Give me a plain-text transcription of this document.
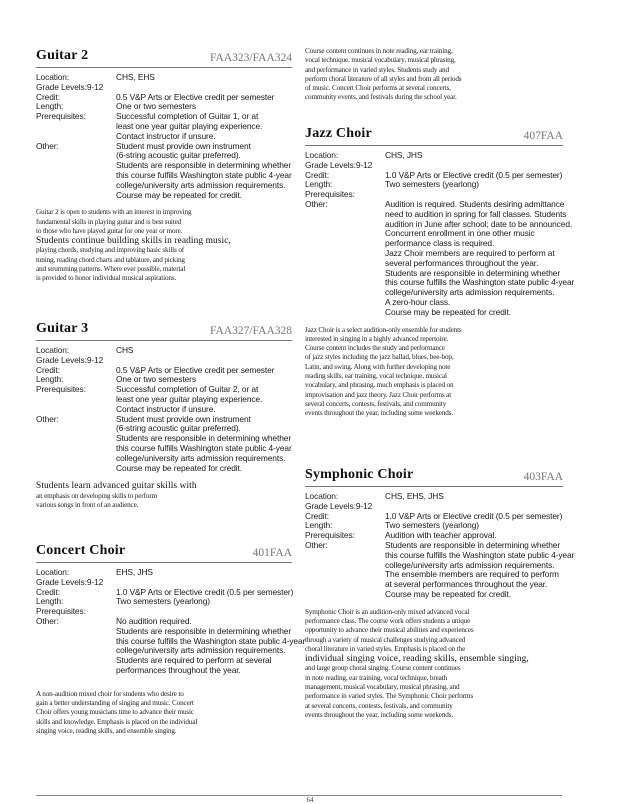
Guitar 2	FAA323/FAA324
Location:	CHS, EHS
Grade Levels:9-12
Credit:	0.5 V&P Arts or Elective credit per semester
Length:	One or two semesters
Prerequisites:	Successful completion of Guitar 1, or at
least one year guitar playing experience.
Contact instructor if unsure.
Other:	Student must provide own instrument
(6-string acoustic guitar preferred).
Students are responsible in determining whether
this course fulfills Washington state public 4-year
college/university arts admission requirements.
Course may be repeated for credit.
Guitar 2 is open to students with an interest in improving
fundamental skills in playing guitar and is best suited
to those who have played guitar for one year or more.
Students continue building skills in reading music,
playing chords, studying and improving basic skills of
tuning, reading chord charts and tablature, and picking
and strumming patterns. Where ever possible, material
is provided to honor individual musical aspirations.
Guitar 3	FAA327/FAA328
Location:	CHS
Grade Levels:9-12
Credit:	0.5 V&P Arts or Elective credit per semester
Length:	One or two semesters
Prerequisites:	Successful completion of Guitar 2, or at
least one year guitar playing experience.
Contact instructor if unsure.
Other:	Student must provide own instrument
(6-string acoustic guitar preferred).
Students are responsible in determining whether
this course fulfills Washington state public 4-year
college/university arts admission requirements.
Course may be repeated for credit.
Students learn advanced guitar skills with
an emphasis on developing skills to perform
various songs in front of an audience.
Concert Choir	401FAA
Location:	EHS, JHS
Grade Levels:9-12
Credit:	1.0 V&P Arts or Elective credit (0.5 per semester)
Length:	Two semesters (yearlong)
Prerequisites:
Other:	No audition required.
Students are responsible in determining whether
this course fulfills the Washington state public 4-year
college/university arts admission requirements.
Students are required to perform at several
performances throughout the year.
A non-audition mixed choir for students who desire to
gain a better understanding of singing and music. Concert
Choir offers young musicians time to advance their music
skills and knowledge. Emphasis is placed on the individual
singing voice, reading skills, and ensemble singing.
Course content continues in note reading, ear training,
vocal technique, musical vocabulary, musical phrasing,
and performance in varied styles. Students study and
perform choral literature of all styles and from all periods
of music. Concert Choir performs at several concerts,
community events, and festivals during the school year.
Jazz Choir	407FAA
Location:	CHS, JHS
Grade Levels:9-12
Credit:	1.0 V&P Arts or Elective credit (0.5 per semester)
Length:	Two semesters (yearlong)
Prerequisites:
Other:	Audition is required. Students desiring admittance
need to audition in spring for fall classes. Students
audition in June after school; date to be announced.
Concurrent enrollment in one other music
performance class is required.
Jazz Choir members are required to perform at
several performances throughout the year.
Students are responsible in determining whether
this course fulfills the Washington state public 4-year
college/university arts admission requirements.
A zero-hour class.
Course may be repeated for credit.
Jazz Choir is a select audition-only ensemble for students
interested in singing in a highly advanced repertoire.
Course content includes the study and performance
of jazz styles including the jazz ballad, blues, bee-bop,
Latin, and swing. Along with further developing note
reading skills, ear training, vocal technique, musical
vocabulary, and phrasing, much emphasis is placed on
improvisation and jazz theory. Jazz Choir performs at
several concerts, contests, festivals, and community
events throughout the year, including some weekends.
Symphonic Choir	403FAA
Location:	CHS, EHS, JHS
Grade Levels:9-12
Credit:	1.0 V&P Arts or Elective credit (0.5 per semester)
Length:	Two semesters (yearlong)
Prerequisites:	Audition with teacher approval.
Other:	Students are responsible in determining whether
this course fulfills the Washington state public 4-year
college/university arts admission requirements.
The ensemble members are required to perform
at several performances throughout the year.
Course may be repeated for credit.
Symphonic Choir is an audition-only mixed advanced vocal
performance class. The course work offers students a unique
opportunity to advance their musical abilities and experiences
through a variety of musical challenges studying advanced
choral literature in varied styles. Emphasis is placed on the
individual singing voice, reading skills, ensemble singing,
and large group choral singing. Course content continues
in note reading, ear training, vocal technique, breath
management, musical vocabulary, musical phrasing, and
performance in varied styles. The Symphonic Choir performs
at several concerts, contests, festivals, and community
events throughout the year, including some weekends.
64
